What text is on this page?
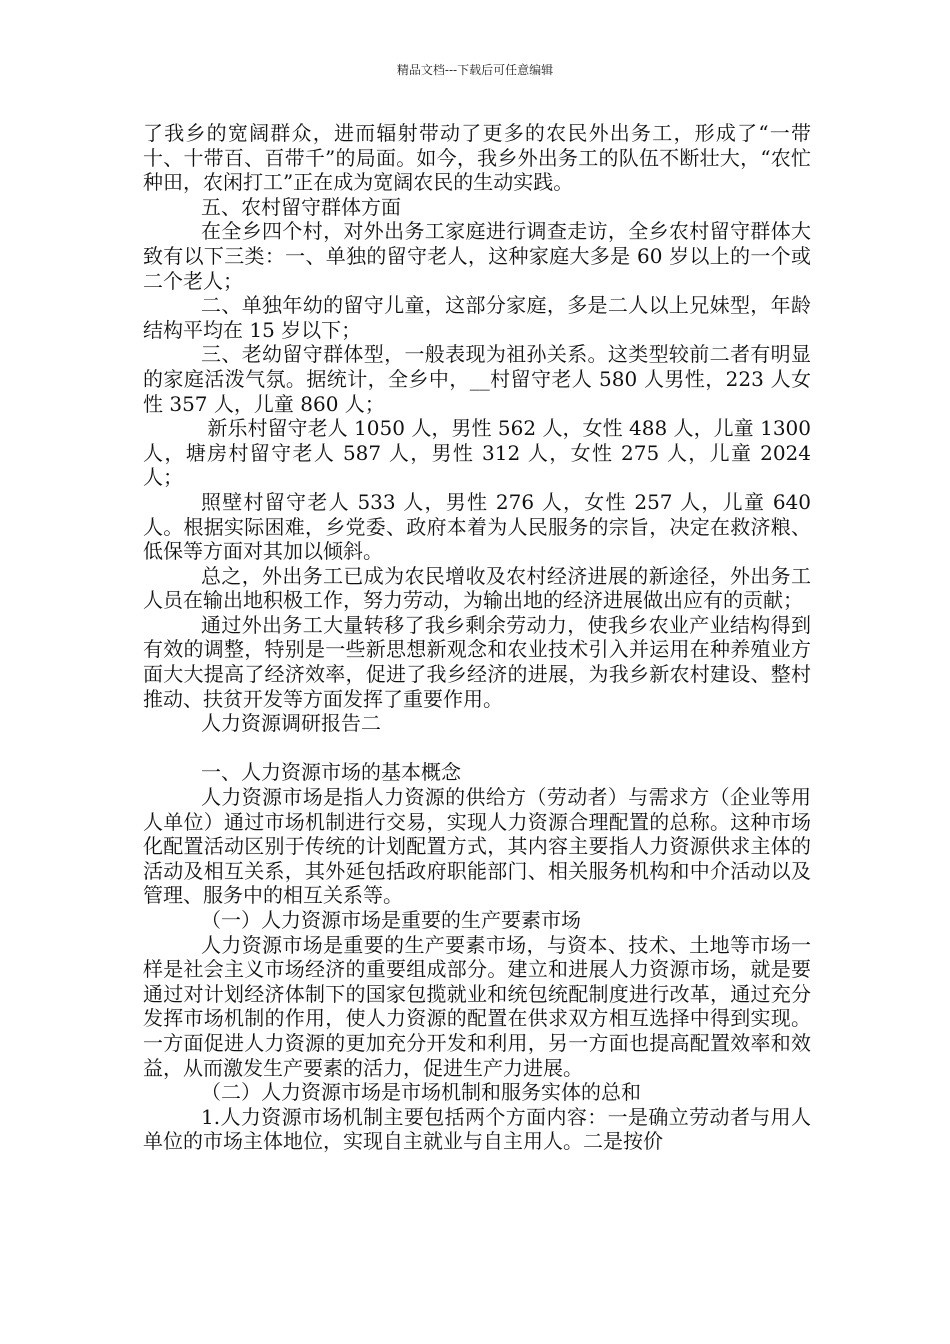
精品文档---下载后可任意编辑

了我乡的宽阔群众，进而辐射带动了更多的农民外出务工，形成了“一带十、十带百、百带千”的局面。如今，我乡外出务工的队伍不断壮大，“农忙种田，农闲打工”正在成为宽阔农民的生动实践。

五、农村留守群体方面

在全乡四个村，对外出务工家庭进行调查走访，全乡农村留守群体大致有以下三类：一、单独的留守老人，这种家庭大多是 60 岁以上的一个或二个老人；

二、单独年幼的留守儿童，这部分家庭，多是二人以上兄妹型，年龄结构平均在 15 岁以下；

三、老幼留守群体型，一般表现为祖孙关系。这类型较前二者有明显的家庭活泼气氛。据统计，全乡中，__村留守老人 580 人男性，223 人女性 357 人，儿童 860 人；

新乐村留守老人 1050 人，男性 562 人，女性 488 人，儿童 1300 人，塘房村留守老人 587 人，男性 312 人，女性 275 人，儿童 2024 人；

照壁村留守老人 533 人，男性 276 人，女性 257 人，儿童 640 人。根据实际困难，乡党委、政府本着为人民服务的宗旨，决定在救济粮、低保等方面对其加以倾斜。

总之，外出务工已成为农民增收及农村经济进展的新途径，外出务工人员在输出地积极工作，努力劳动，为输出地的经济进展做出应有的贡献；

通过外出务工大量转移了我乡剩余劳动力，使我乡农业产业结构得到有效的调整，特别是一些新思想新观念和农业技术引入并运用在种养殖业方面大大提高了经济效率，促进了我乡经济的进展，为我乡新农村建设、整村推动、扶贫开发等方面发挥了重要作用。

人力资源调研报告二

一、人力资源市场的基本概念

人力资源市场是指人力资源的供给方（劳动者）与需求方（企业等用人单位）通过市场机制进行交易，实现人力资源合理配置的总称。这种市场化配置活动区别于传统的计划配置方式，其内容主要指人力资源供求主体的活动及相互关系，其外延包括政府职能部门、相关服务机构和中介活动以及管理、服务中的相互关系等。

（一）人力资源市场是重要的生产要素市场

人力资源市场是重要的生产要素市场，与资本、技术、土地等市场一样是社会主义市场经济的重要组成部分。建立和进展人力资源市场，就是要通过对计划经济体制下的国家包揽就业和统包统配制度进行改革，通过充分发挥市场机制的作用，使人力资源的配置在供求双方相互选择中得到实现。一方面促进人力资源的更加充分开发和利用，另一方面也提高配置效率和效益，从而激发生产要素的活力，促进生产力进展。

（二）人力资源市场是市场机制和服务实体的总和

1.人力资源市场机制主要包括两个方面内容：一是确立劳动者与用人单位的市场主体地位，实现自主就业与自主用人。二是按价
